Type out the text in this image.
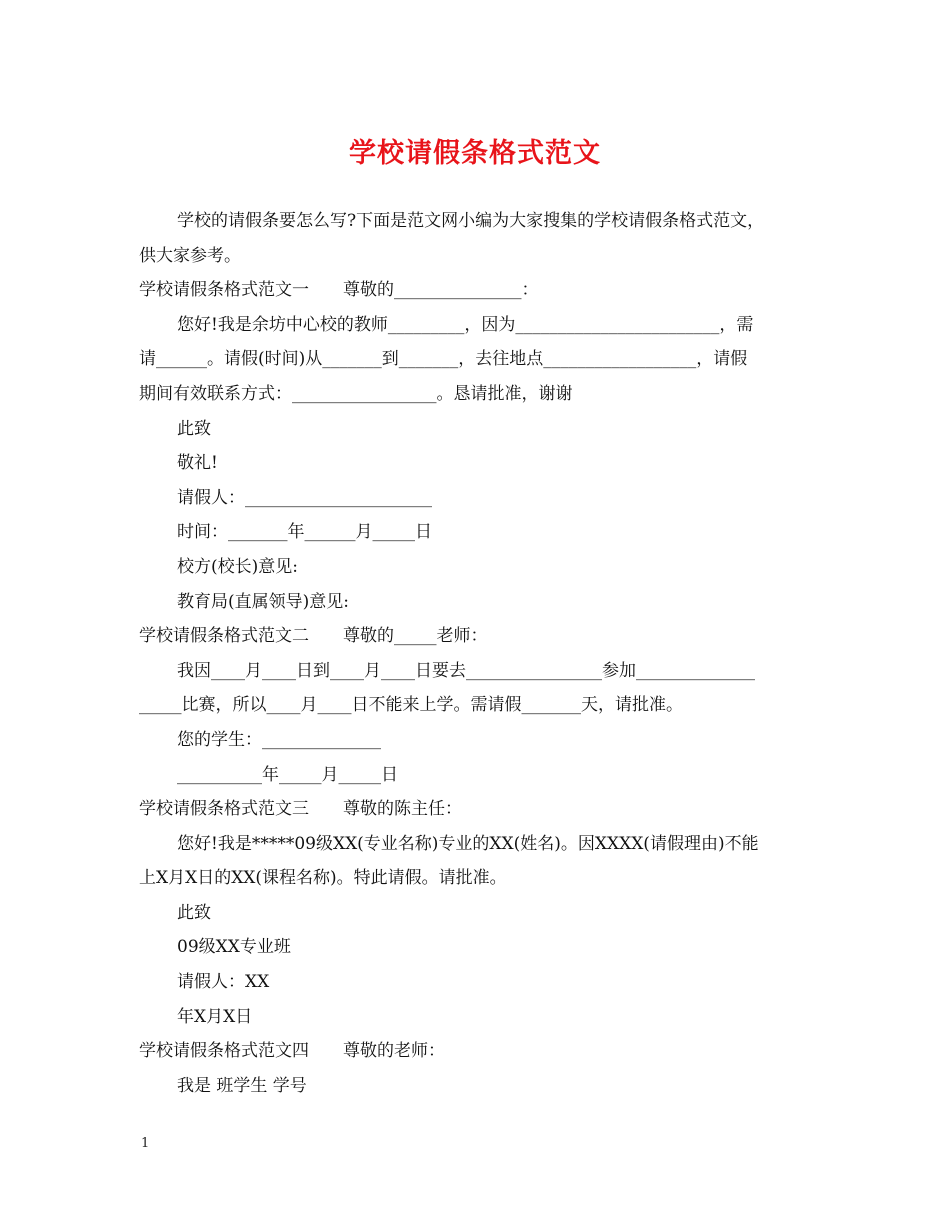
学校请假条格式范文
学校的请假条要怎么写?下面是范文网小编为大家搜集的学校请假条格式范文，
供大家参考。
学校请假条格式范文一　　尊敬的_______________：
您好!我是余坊中心校的教师_________，因为________________________，需
请______。请假(时间)从_______到_______，去往地点__________________，请假
期间有效联系方式：_________________。恳请批准，谢谢
此致
敬礼!
请假人：______________________
时间：_______年______月_____日
校方(校长)意见:
教育局(直属领导)意见:
学校请假条格式范文二　　尊敬的_____老师：
我因____月____日到____月____日要去________________参加______________
_____比赛，所以____月____日不能来上学。需请假_______天，请批准。
您的学生：______________
__________年_____月_____日
学校请假条格式范文三　　尊敬的陈主任：
您好!我是*****09级XX(专业名称)专业的XX(姓名)。因XXXX(请假理由)不能
上X月X日的XX(课程名称)。特此请假。请批准。
此致
09级XX专业班
请假人：XX
年X月X日
学校请假条格式范文四　　尊敬的老师：
我是 班学生 学号
1
